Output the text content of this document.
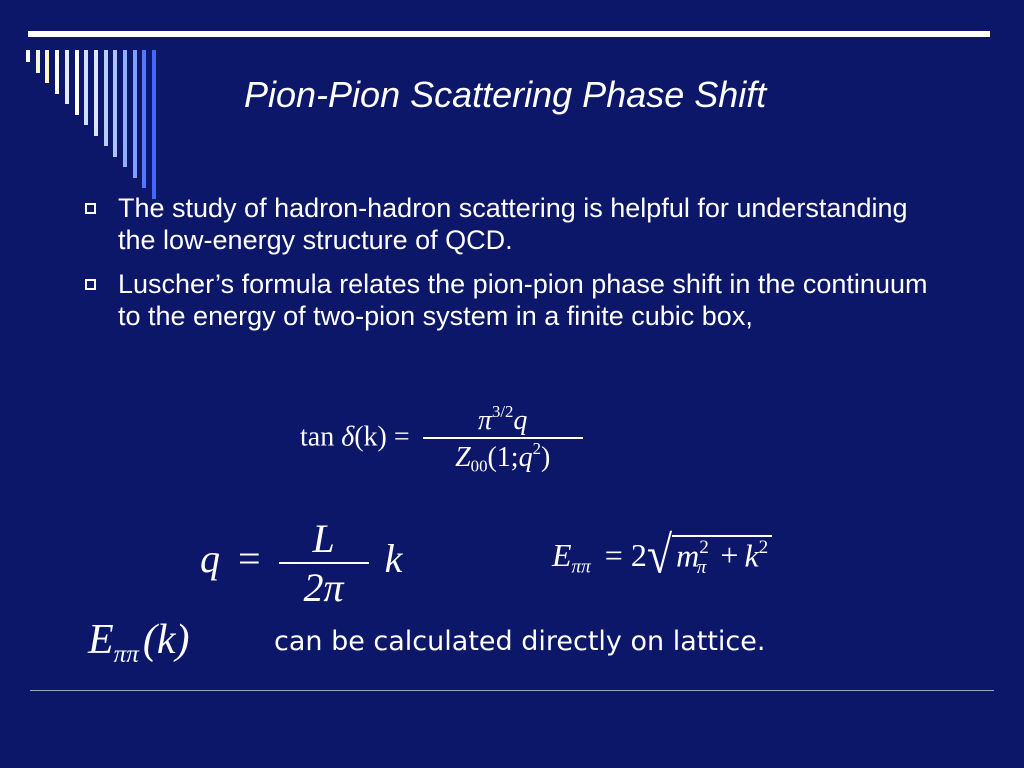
Pion-Pion Scattering Phase Shift
The study of hadron-hadron scattering is helpful for understanding the low-energy structure of QCD.
Luscher’s formula relates the pion-pion phase shift in the continuum to the energy of two-pion system in a finite cubic box,
$\tan \delta(k) = \frac{\pi^{3/2}q}{Z_{00}(1;q^2)}$
$q = \frac{L}{2\pi}$ k	$E_{\pi\pi} = 2√$ $m^2_\pi + k^2$
$E_{\pi\pi}(k)$	can be calculated directly on lattice.
